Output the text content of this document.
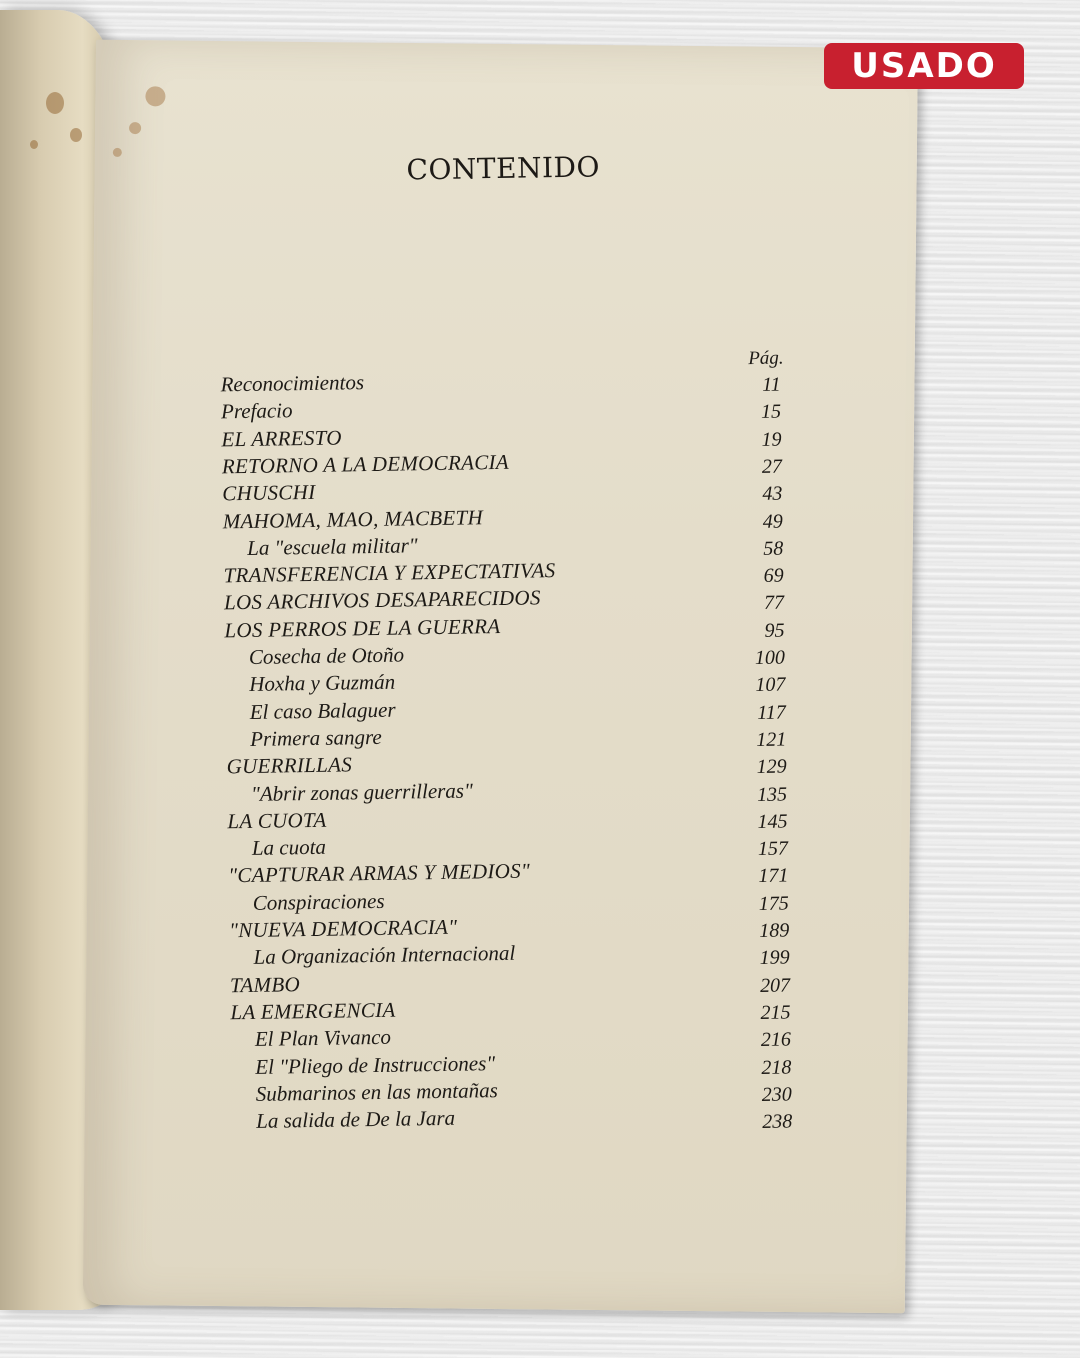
CONTENIDO
Pág.
Reconocimientos	11
Prefacio	15
EL ARRESTO	19
RETORNO A LA DEMOCRACIA	27
CHUSCHI	43
MAHOMA, MAO, MACBETH	49
La "escuela militar"	58
TRANSFERENCIA Y EXPECTATIVAS	69
LOS ARCHIVOS DESAPARECIDOS	77
LOS PERROS DE LA GUERRA	95
Cosecha de Otoño	100
Hoxha y Guzmán	107
El caso Balaguer	117
Primera sangre	121
GUERRILLAS	129
"Abrir zonas guerrilleras"	135
LA CUOTA	145
La cuota	157
"CAPTURAR ARMAS Y MEDIOS"	171
Conspiraciones	175
"NUEVA DEMOCRACIA"	189
La Organización Internacional	199
TAMBO	207
LA EMERGENCIA	215
El Plan Vivanco	216
El "Pliego de Instrucciones"	218
Submarinos en las montañas	230
La salida de De la Jara	238
USADO
